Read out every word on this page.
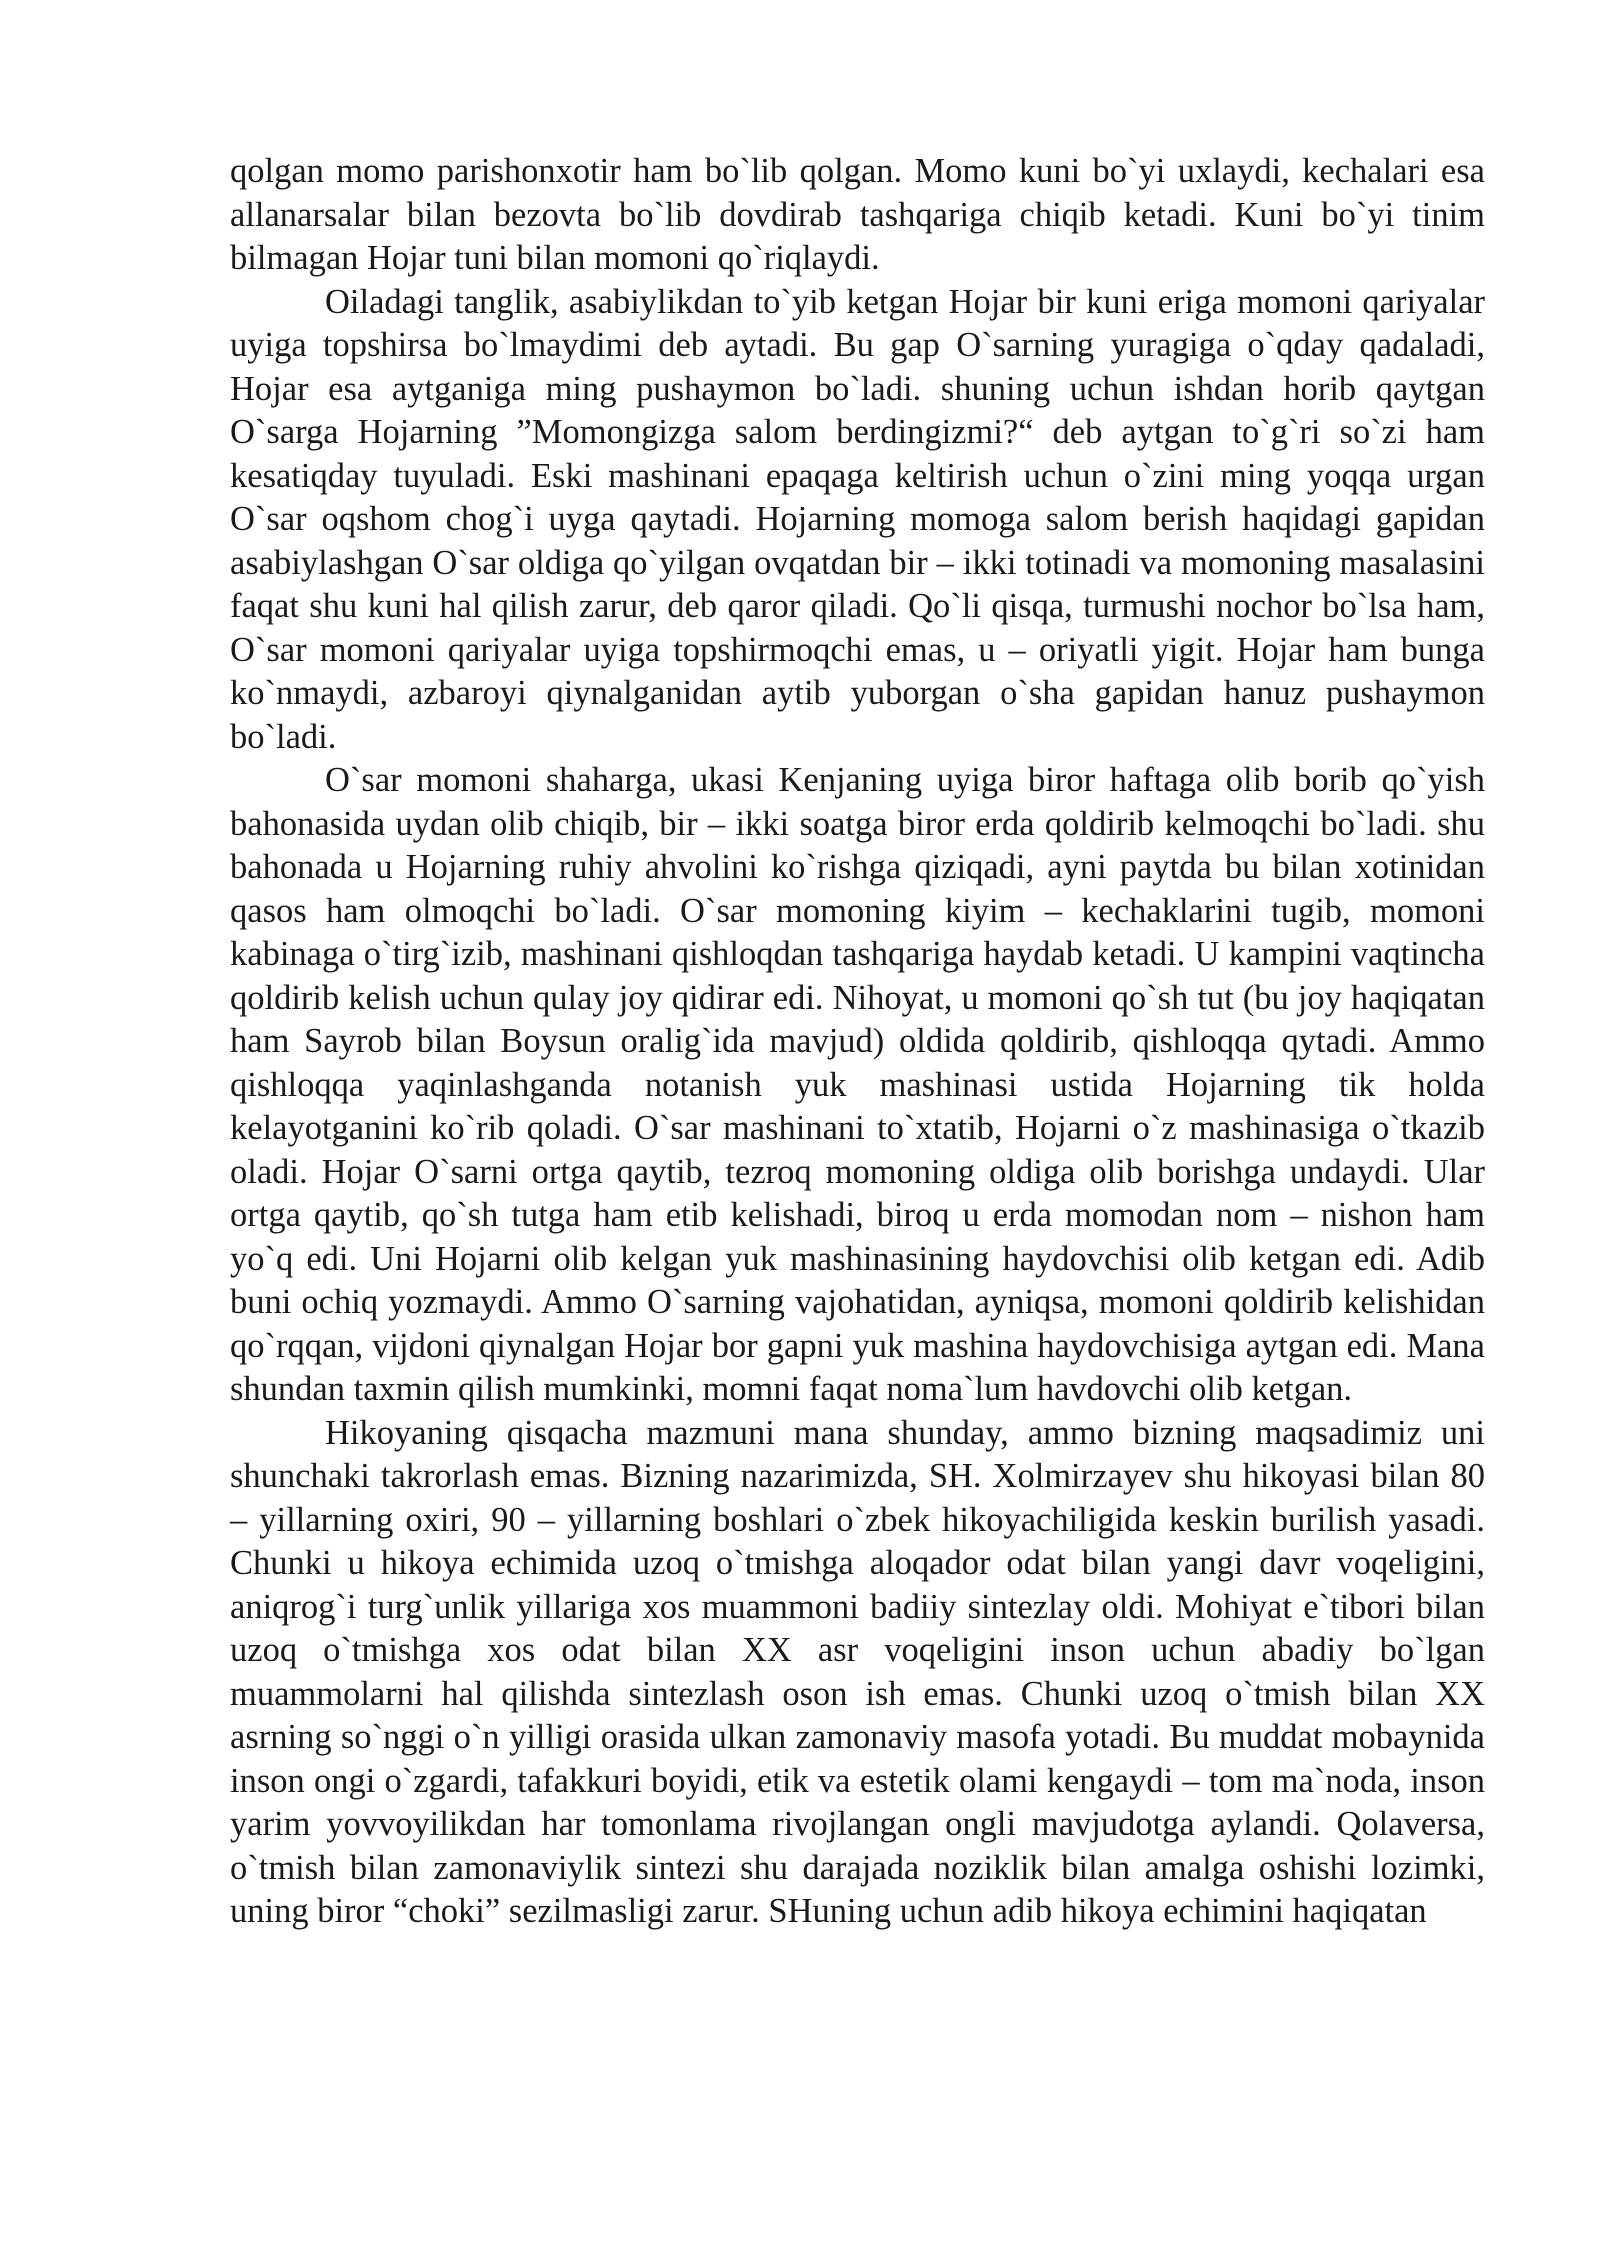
qolgan momo parishonxotir ham bo`lib qolgan. Momo kuni bo`yi uxlaydi, kechalari esa allanarsalar bilan bezovta bo`lib dovdirab tashqariga chiqib ketadi. Kuni bo`yi tinim bilmagan Hojar tuni bilan momoni qo`riqlaydi.

Oiladagi tanglik, asabiylikdan to`yib ketgan Hojar bir kuni eriga momoni qariyalar uyiga topshirsa bo`lmaydimi deb aytadi. Bu gap O`sarning yuragiga o`qday qadaladi, Hojar esa aytganiga ming pushaymon bo`ladi. shuning uchun ishdan horib qaytgan O`sarga Hojarning ”Momongizga salom berdingizmi?“ deb aytgan to`g`ri so`zi ham kesatiqday tuyuladi. Eski mashinani epaqaga keltirish uchun o`zini ming yoqqa urgan O`sar oqshom chog`i uyga qaytadi. Hojarning momoga salom berish haqidagi gapidan asabiylashgan O`sar oldiga qo`yilgan ovqatdan bir – ikki totinadi va momoning masalasini faqat shu kuni hal qilish zarur, deb qaror qiladi. Qo`li qisqa, turmushi nochor bo`lsa ham, O`sar momoni qariyalar uyiga topshirmoqchi emas, u – oriyatli yigit. Hojar ham bunga ko`nmaydi, azbaroyi qiynalganidan aytib yuborgan o`sha gapidan hanuz pushaymon bo`ladi.

O`sar momoni shaharga, ukasi Kenjaning uyiga biror haftaga olib borib qo`yish bahonasida uydan olib chiqib, bir – ikki soatga biror erda qoldirib kelmoqchi bo`ladi. shu bahonada u Hojarning ruhiy ahvolini ko`rishga qiziqadi, ayni paytda bu bilan xotinidan qasos ham olmoqchi bo`ladi. O`sar momoning kiyim – kechaklarini tugib, momoni kabinaga o`tirg`izib, mashinani qishloqdan tashqariga haydab ketadi. U kampini vaqtincha qoldirib kelish uchun qulay joy qidirar edi. Nihoyat, u momoni qo`sh tut (bu joy haqiqatan ham Sayrob bilan Boysun oralig`ida mavjud) oldida qoldirib, qishloqqa qytadi. Ammo qishloqqa yaqinlashganda notanish yuk mashinasi ustida Hojarning tik holda kelayotganini ko`rib qoladi. O`sar mashinani to`xtatib, Hojarni o`z mashinasiga o`tkazib oladi. Hojar O`sarni ortga qaytib, tezroq momoning oldiga olib borishga undaydi. Ular ortga qaytib, qo`sh tutga ham etib kelishadi, biroq u erda momodan nom – nishon ham yo`q edi. Uni Hojarni olib kelgan yuk mashinasining haydovchisi olib ketgan edi. Adib buni ochiq yozmaydi. Ammo O`sarning vajohatidan, ayniqsa, momoni qoldirib kelishidan qo`rqqan, vijdoni qiynalgan Hojar bor gapni yuk mashina haydovchisiga aytgan edi. Mana shundan taxmin qilish mumkinki, momni faqat noma`lum havdovchi olib ketgan.

Hikoyaning qisqacha mazmuni mana shunday, ammo bizning maqsadimiz uni shunchaki takrorlash emas. Bizning nazarimizda, SH. Xolmirzayev shu hikoyasi bilan 80 – yillarning oxiri, 90 – yillarning boshlari o`zbek hikoyachiligida keskin burilish yasadi. Chunki u hikoya echimida uzoq o`tmishga aloqador odat bilan yangi davr voqeligini, aniqrog`i turg`unlik yillariga xos muammoni badiiy sintezlay oldi. Mohiyat e`tibori bilan uzoq o`tmishga xos odat bilan XX asr voqeligini inson uchun abadiy bo`lgan muammolarni hal qilishda sintezlash oson ish emas. Chunki uzoq o`tmish bilan XX asrning so`nggi o`n yilligi orasida ulkan zamonaviy masofa yotadi. Bu muddat mobaynida inson ongi o`zgardi, tafakkuri boyidi, etik va estetik olami kengaydi – tom ma`noda, inson yarim yovvoyilikdan har tomonlama rivojlangan ongli mavjudotga aylandi. Qolaversa, o`tmish bilan zamonaviylik sintezi shu darajada noziklik bilan amalga oshishi lozimki, uning biror “choki” sezilmasligi zarur. SHuning uchun adib hikoya echimini haqiqatan
